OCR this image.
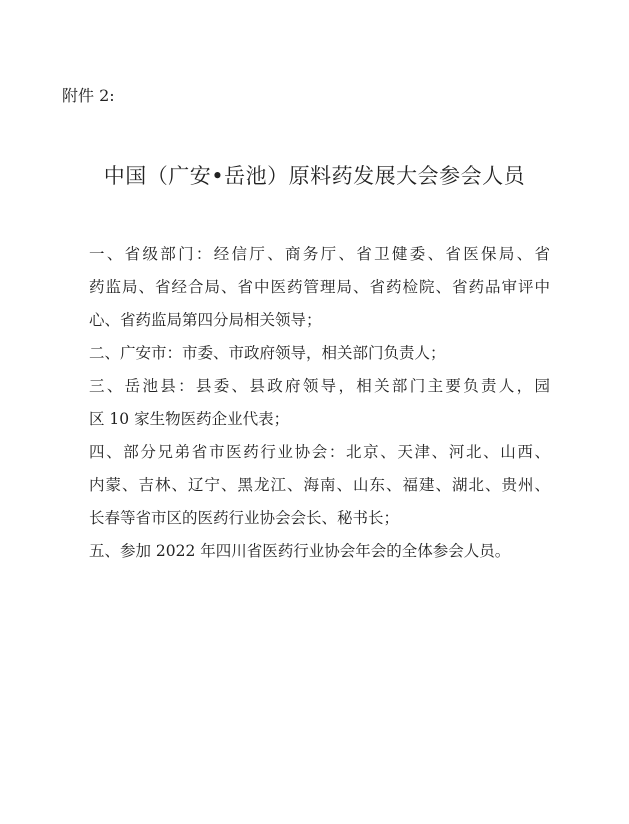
附件 2:
中国（广安•岳池）原料药发展大会参会人员

一、省级部门：经信厅、商务厅、省卫健委、省医保局、省
药监局、省经合局、省中医药管理局、省药检院、省药品审评中
心、省药监局第四分局相关领导；

二、广安市：市委、市政府领导，相关部门负责人；

三、岳池县：县委、县政府领导，相关部门主要负责人，园
区 10 家生物医药企业代表；

四、部分兄弟省市医药行业协会：北京、天津、河北、山西、
内蒙、吉林、辽宁、黑龙江、海南、山东、福建、湖北、贵州、
长春等省市区的医药行业协会会长、秘书长；

五、参加 2022 年四川省医药行业协会年会的全体参会人员。
